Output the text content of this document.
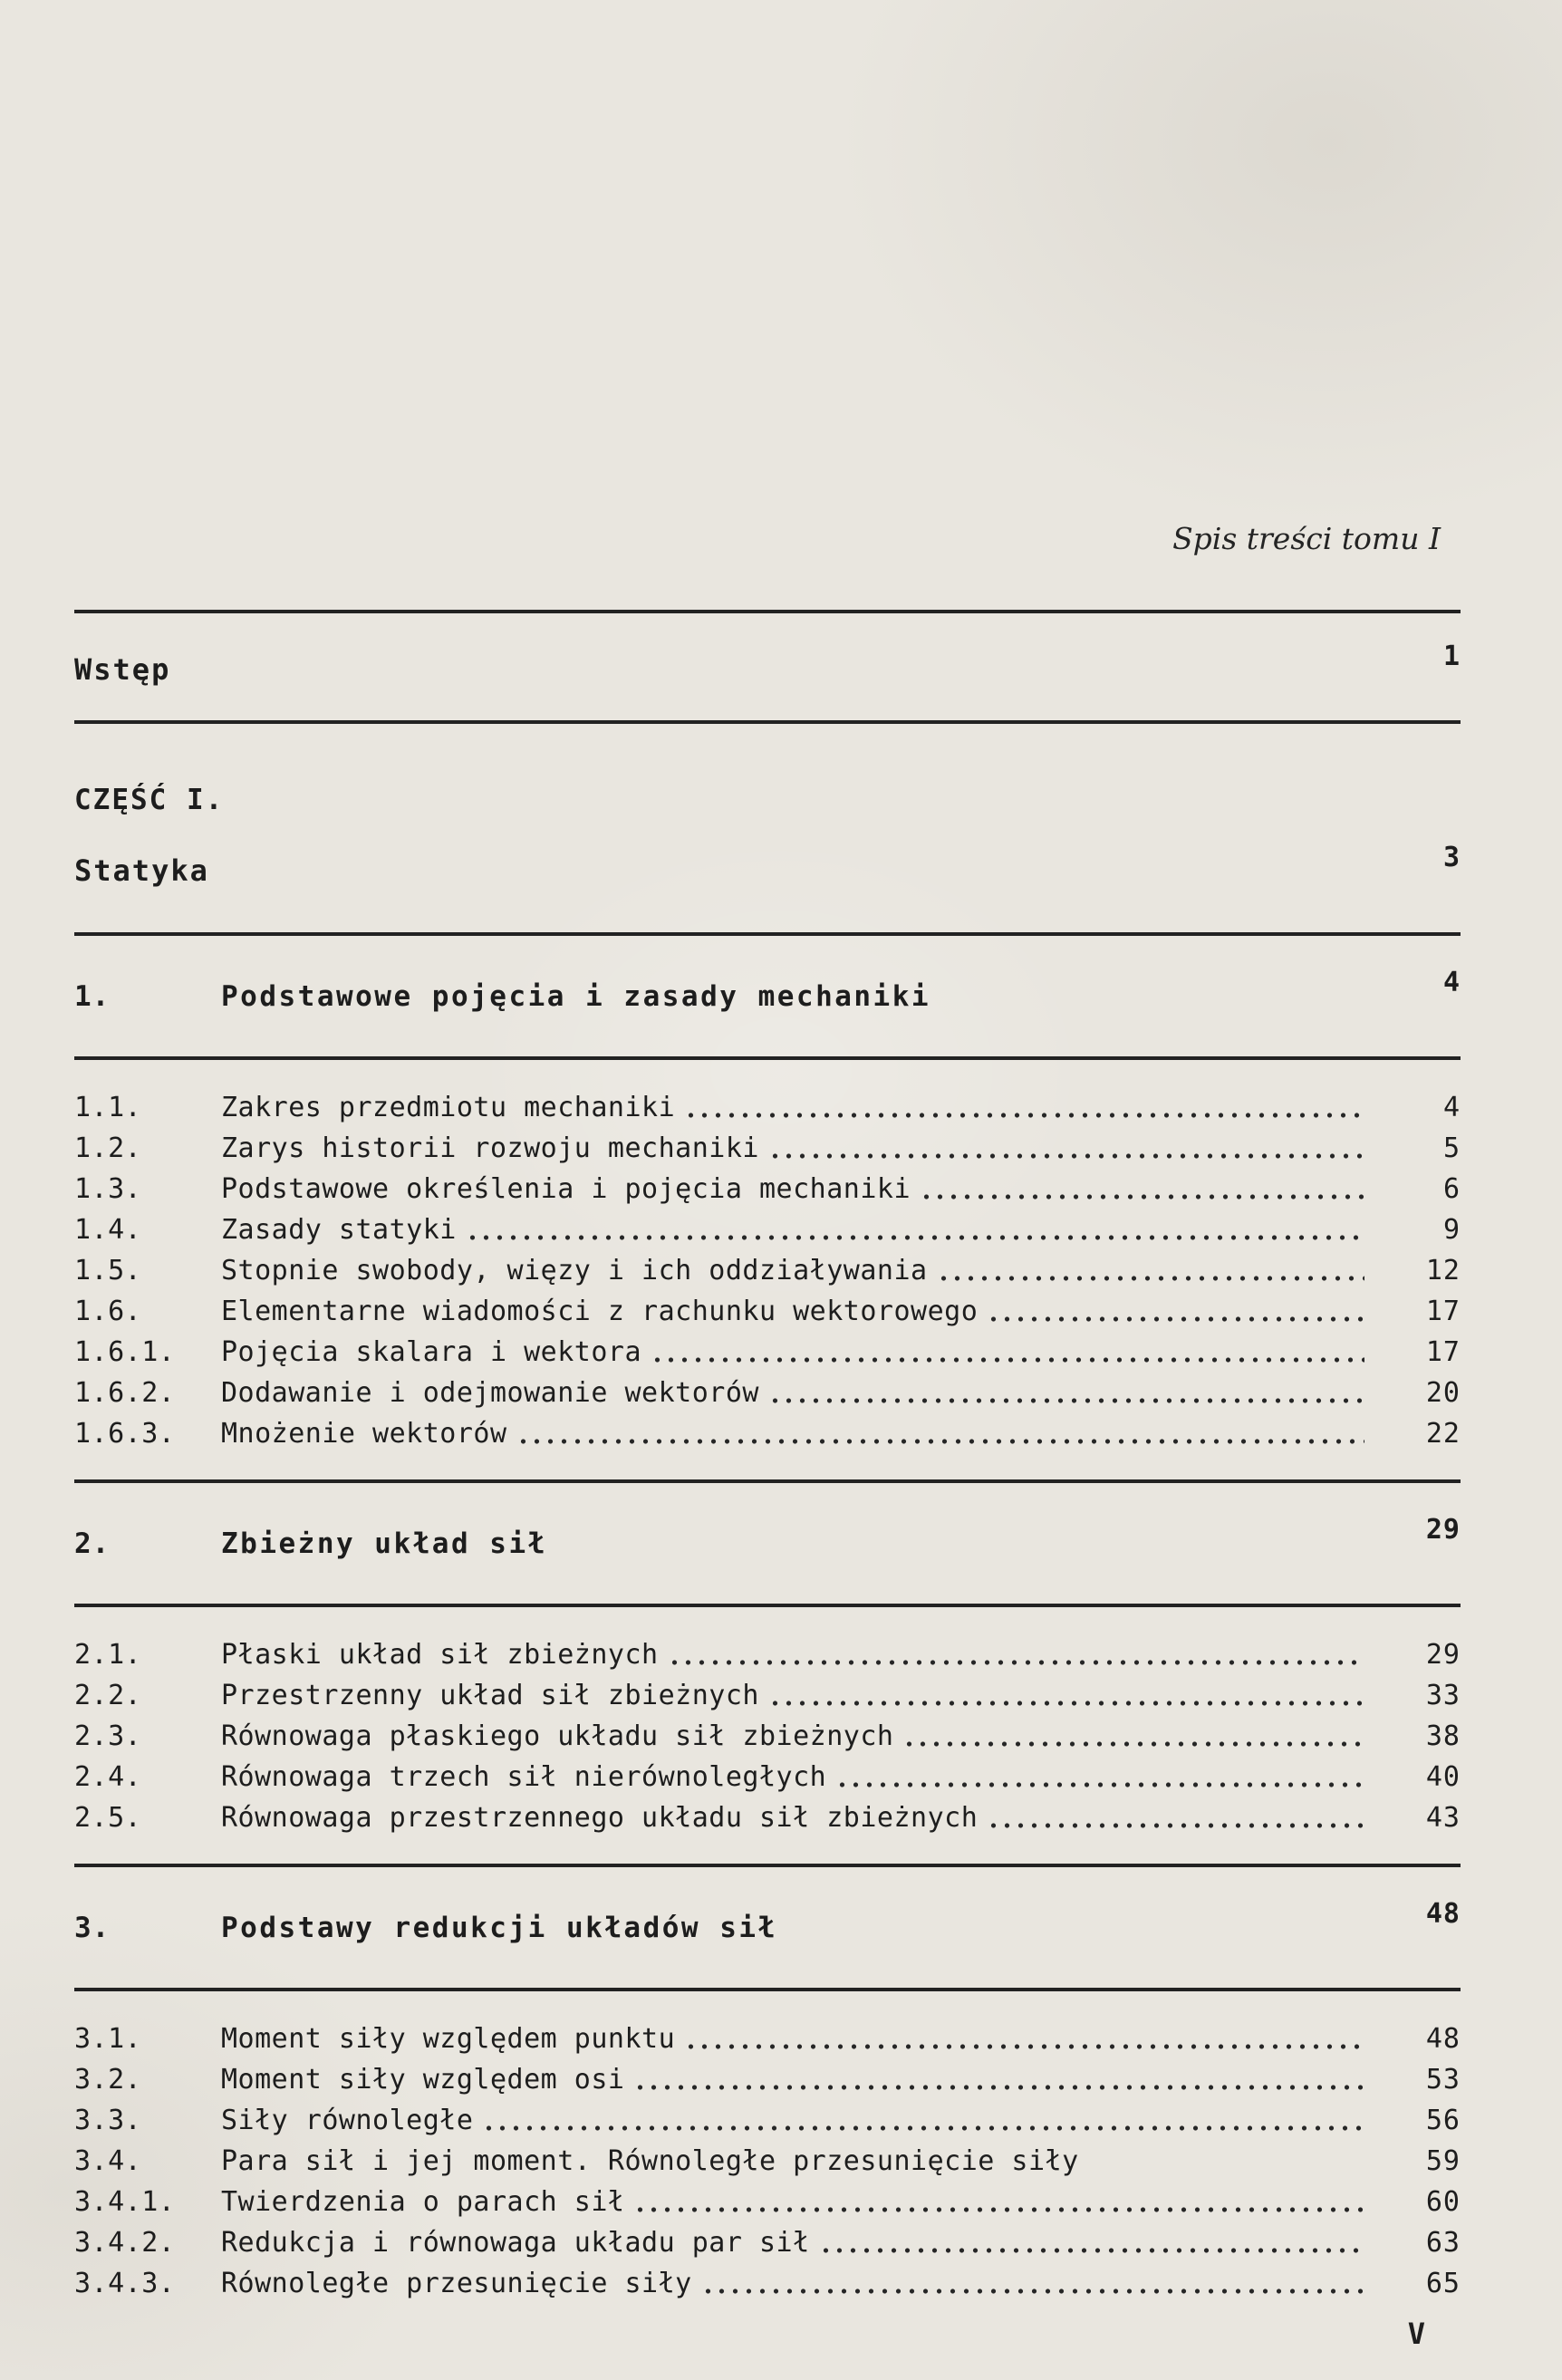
Spis treści tomu I
Wstęp	1
CZĘŚĆ I.
Statyka	3
1.	Podstawowe pojęcia i zasady mechaniki	4
1.1.	Zakres przedmiotu mechaniki	4
1.2.	Zarys historii rozwoju mechaniki	5
1.3.	Podstawowe określenia i pojęcia mechaniki	6
1.4.	Zasady statyki	9
1.5.	Stopnie swobody, więzy i ich oddziaływania	12
1.6.	Elementarne wiadomości z rachunku wektorowego	17
1.6.1.	Pojęcia skalara i wektora	17
1.6.2.	Dodawanie i odejmowanie wektorów	20
1.6.3.	Mnożenie wektorów	22
2.	Zbieżny układ sił	29
2.1.	Płaski układ sił zbieżnych	29
2.2.	Przestrzenny układ sił zbieżnych	33
2.3.	Równowaga płaskiego układu sił zbieżnych	38
2.4.	Równowaga trzech sił nierównoległych	40
2.5.	Równowaga przestrzennego układu sił zbieżnych	43
3.	Podstawy redukcji układów sił	48
3.1.	Moment siły względem punktu	48
3.2.	Moment siły względem osi	53
3.3.	Siły równoległe	56
3.4.	Para sił i jej moment. Równoległe przesunięcie siły	59
3.4.1.	Twierdzenia o parach sił	60
3.4.2.	Redukcja i równowaga układu par sił	63
3.4.3.	Równoległe przesunięcie siły	65
V
